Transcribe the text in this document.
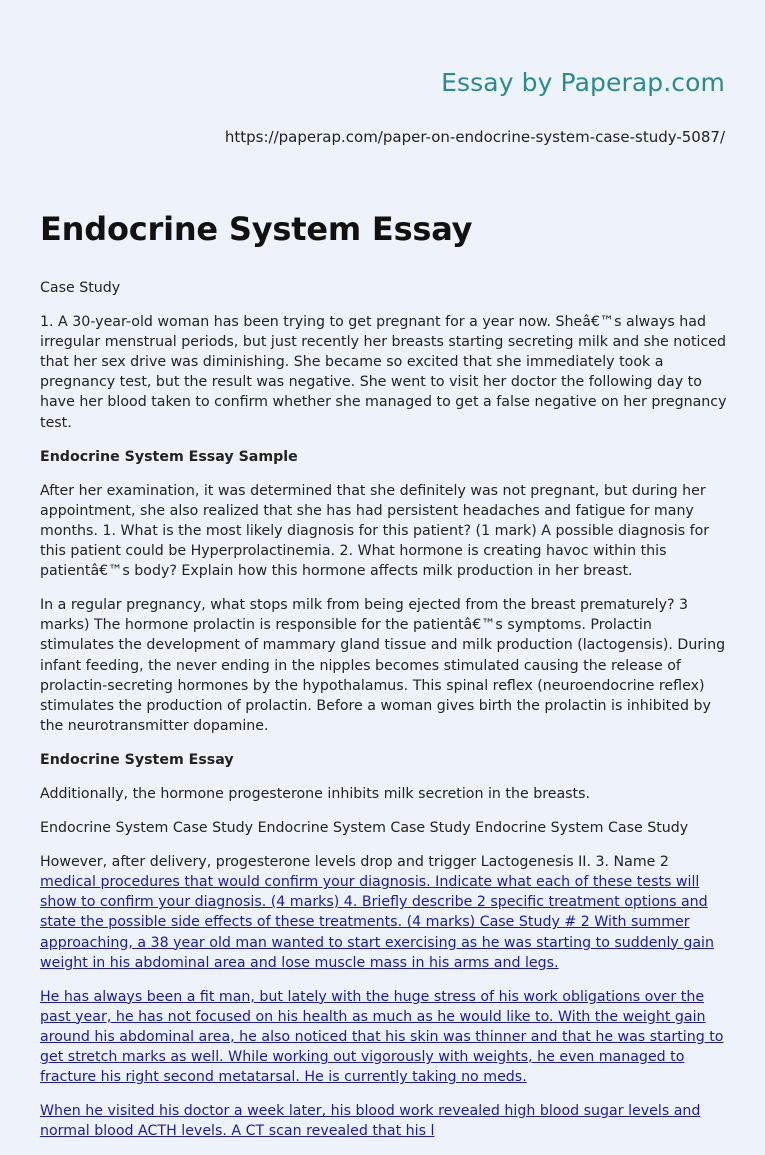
Essay by Paperap.com
https://paperap.com/paper-on-endocrine-system-case-study-5087/
Endocrine System Essay

Case Study

1. A 30-year-old woman has been trying to get pregnant for a year now. Sheâ€™s always had irregular menstrual periods, but just recently her breasts starting secreting milk and she noticed that her sex drive was diminishing. She became so excited that she immediately took a pregnancy test, but the result was negative. She went to visit her doctor the following day to have her blood taken to confirm whether she managed to get a false negative on her pregnancy test.

Endocrine System Essay Sample

After her examination, it was determined that she definitely was not pregnant, but during her appointment, she also realized that she has had persistent headaches and fatigue for many months. 1. What is the most likely diagnosis for this patient? (1 mark) A possible diagnosis for this patient could be Hyperprolactinemia. 2. What hormone is creating havoc within this patientâ€™s body? Explain how this hormone affects milk production in her breast.

In a regular pregnancy, what stops milk from being ejected from the breast prematurely? 3 marks) The hormone prolactin is responsible for the patientâ€™s symptoms. Prolactin stimulates the development of mammary gland tissue and milk production (lactogensis). During infant feeding, the never ending in the nipples becomes stimulated causing the release of prolactin-secreting hormones by the hypothalamus. This spinal reflex (neuroendocrine reflex) stimulates the production of prolactin. Before a woman gives birth the prolactin is inhibited by the neurotransmitter dopamine.

Endocrine System Essay

Additionally, the hormone progesterone inhibits milk secretion in the breasts.

Endocrine System Case Study Endocrine System Case Study Endocrine System Case Study

However, after delivery, progesterone levels drop and trigger Lactogenesis II. 3. Name 2 medical procedures that would confirm your diagnosis. Indicate what each of these tests will show to confirm your diagnosis. (4 marks) 4. Briefly describe 2 specific treatment options and state the possible side effects of these treatments. (4 marks) Case Study # 2 With summer approaching, a 38 year old man wanted to start exercising as he was starting to suddenly gain weight in his abdominal area and lose muscle mass in his arms and legs.

He has always been a fit man, but lately with the huge stress of his work obligations over the past year, he has not focused on his health as much as he would like to. With the weight gain around his abdominal area, he also noticed that his skin was thinner and that he was starting to get stretch marks as well. While working out vigorously with weights, he even managed to fracture his right second metatarsal. He is currently taking no meds.

When he visited his doctor a week later, his blood work revealed high blood sugar levels and normal blood ACTH levels. A CT scan revealed that his l
